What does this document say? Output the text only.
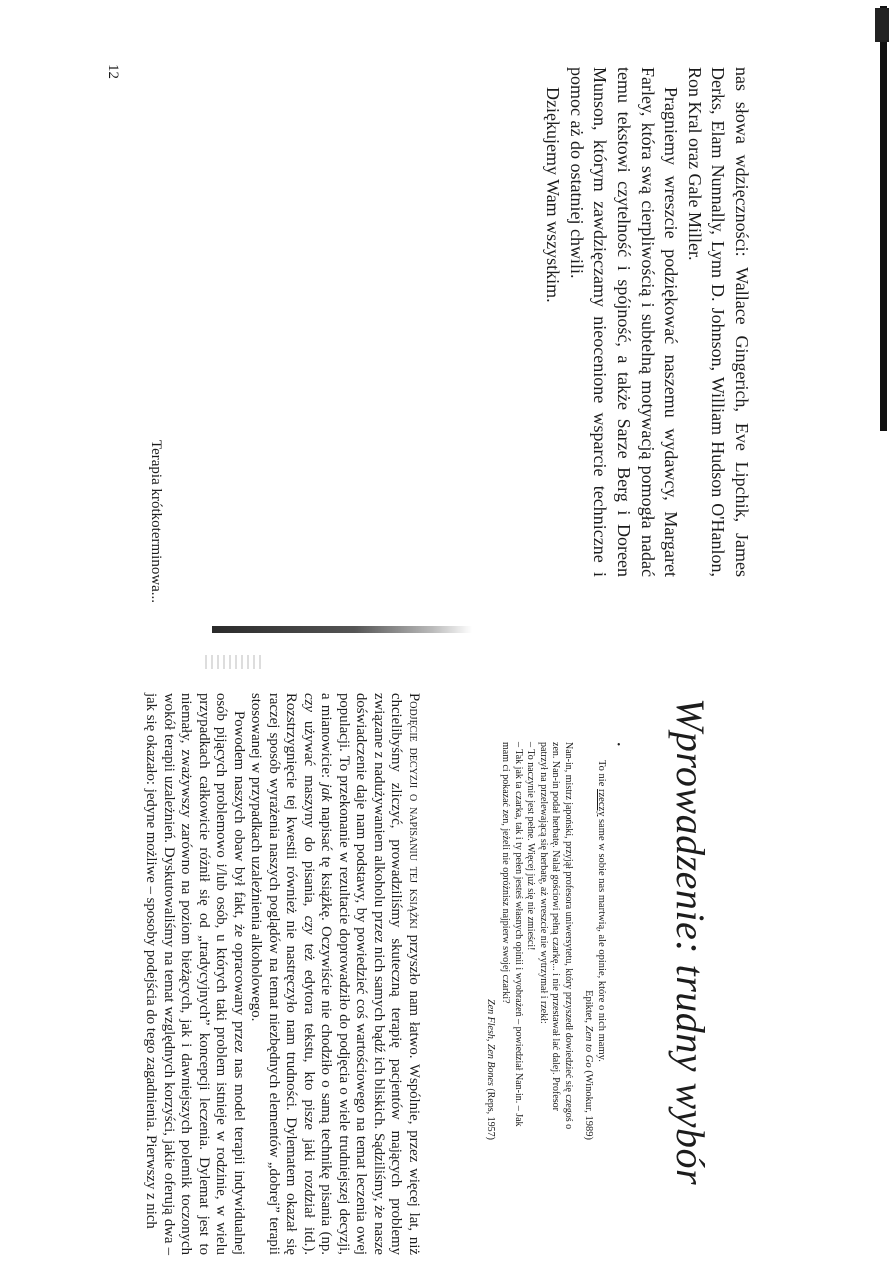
12
Terapia krótkoterminowa...	nas słowa wdzięczności: Wallace Gingerich, Eve Lipchik, James Derks, Elam Nunnally, Lynn D. Johnson, William Hudson O'Hanlon, Ron Kral oraz Gale Miller.

Pragniemy wreszcie podziękować naszemu wydawcy, Margaret Farley, która swą cierpliwością i subtelną motywacją pomogła nadać temu tekstowi czytelność i spójność, a także Sarze Berg i Doreen Munson, którym zawdzięczamy nieocenione wsparcie techniczne i pomoc aż do ostatniej chwili.

Dziękujemy Wam wszystkim.

Wprowadzenie: trudny wybór

To nie rzeczy same w sobie nas martwią, ale opinie, które o nich mamy.

Epiktet, Zen to Go (Winokur, 1989)

•

Nan-in, mistrz japoński, przyjął profesora uniwersytetu, który przyszedł dowiedzieć się czegoś o zen. Nan-in podał herbatę. Nalał gościowi pełną czarkę... i nie przestawał lać dalej. Profesor patrzył na przelewającą się herbatę, aż wreszcie nie wytrzymał i rzekł:

– To naczynie jest pełne. Więcej już się nie zmieści!

– Tak jak ta czarka, tak i ty pełen jesteś własnych opinii i wyobrażeń – powiedział Nan-in. – Jak mam ci pokazać zen, jeżeli nie opróżnisz najpierw swojej czarki?

Zen Flesh, Zen Bones (Reps, 1957)

Podjęcie decyzji o napisaniu tej książki przyszło nam łatwo. Wspólnie, przez więcej lat, niż chcielibyśmy zliczyć, prowadziliśmy skuteczną terapię pacjentów mających problemy związane z nadużywaniem alkoholu przez nich samych bądź ich bliskich. Sądziliśmy, że nasze doświadczenie daje nam podstawy, by powiedzieć coś wartościowego na temat leczenia owej populacji. To przekonanie w rezultacie doprowadziło do podjęcia o wiele trudniejszej decyzji, a mianowicie: jak napisać tę książkę. Oczywiście nie chodziło o samą technikę pisania (np. czy używać maszyny do pisania, czy też edytora tekstu, kto pisze jaki rozdział itd.). Rozstrzygnięcie tej kwestii również nie nastręczyło nam trudności. Dylematem okazał się raczej sposób wyrażenia naszych poglądów na temat niezbędnych elementów „dobrej” terapii stosowanej w przypadkach uzależnienia alkoholowego.

Powodem naszych obaw był fakt, że opracowany przez nas model terapii indywidualnej osób pijących problemowo i/lub osób, u których taki problem istnieje w rodzinie, w wielu przypadkach całkowicie różnił się od „tradycyjnych” koncepcji leczenia. Dylemat jest to niemały, zważywszy zarówno na poziom bieżących, jak i dawniejszych polemik toczonych wokół terapii uzależnień. Dyskutowaliśmy na temat względnych korzyści, jakie oferują dwa – jak się okazało: jedyne możliwe – sposoby podejścia do tego zagadnienia. Pierwszy z nich
